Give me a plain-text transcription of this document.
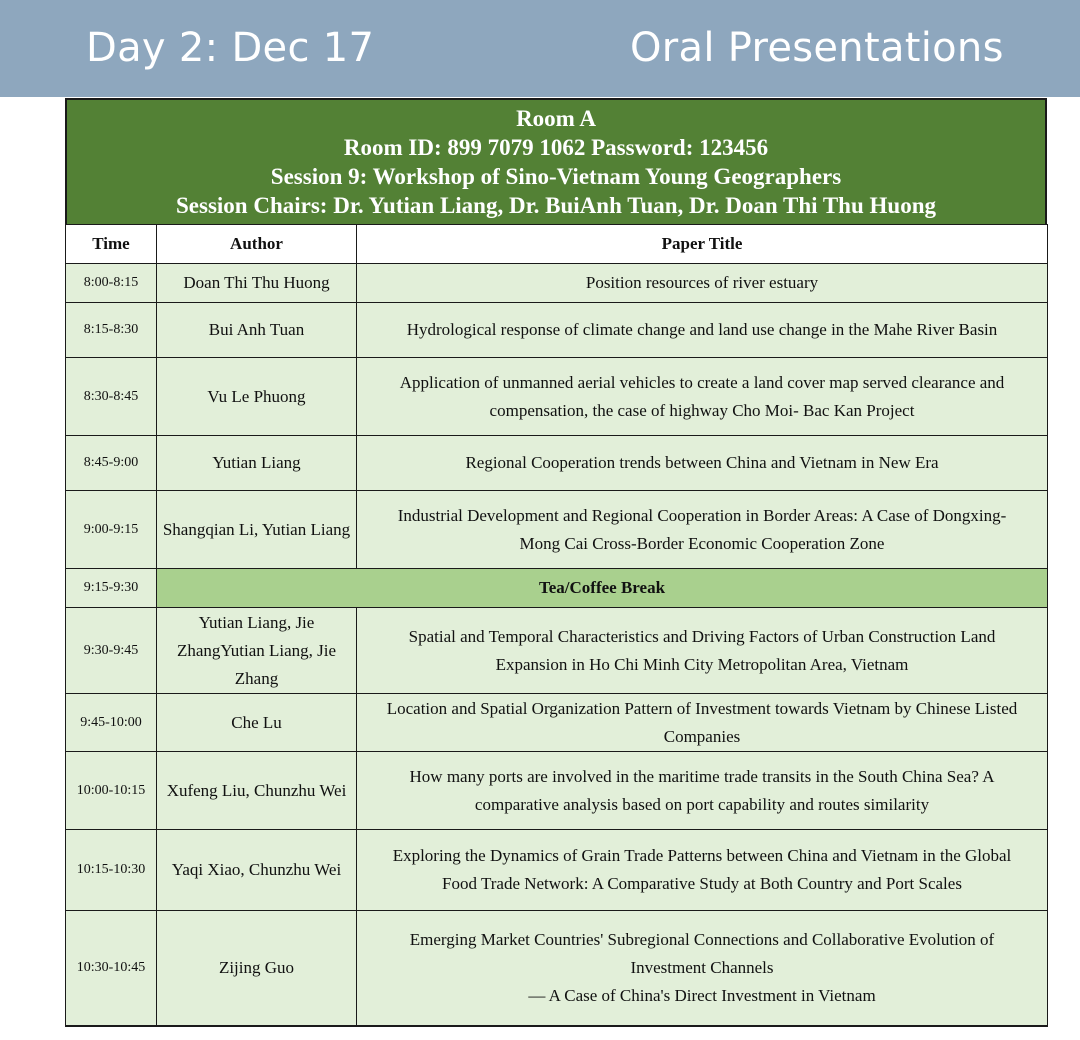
Day 2: Dec 17	Oral Presentations
Room A
Room ID: 899 7079 1062 Password: 123456
Session 9: Workshop of Sino-Vietnam Young Geographers
Session Chairs: Dr. Yutian Liang, Dr. BuiAnh Tuan, Dr. Doan Thi Thu Huong
Time	Author	Paper Title
8:00-8:15	Doan Thi Thu Huong	Position resources of river estuary

8:15-8:30	Bui Anh Tuan	Hydrological response of climate change and land use change in the Mahe River Basin

8:30-8:45	Vu Le Phuong	Application of unmanned aerial vehicles to create a land cover map served clearance and
compensation, the case of highway Cho Moi- Bac Kan Project

8:45-9:00	Yutian Liang	Regional Cooperation trends between China and Vietnam in New Era

9:00-9:15	Shangqian Li, Yutian Liang	Industrial Development and Regional Cooperation in Border Areas: A Case of Dongxing-
Mong Cai Cross-Border Economic Cooperation Zone

9:15-9:30	Tea/Coffee Break	
9:30-9:45	Yutian Liang, Jie ZhangYutian Liang, Jie Zhang	Spatial and Temporal Characteristics and Driving Factors of Urban Construction Land
Expansion in Ho Chi Minh City Metropolitan Area, Vietnam

9:45-10:00	Che Lu	Location and Spatial Organization Pattern of Investment towards Vietnam by Chinese Listed
Companies

10:00-10:15	Xufeng Liu, Chunzhu Wei	How many ports are involved in the maritime trade transits in the South China Sea? A
comparative analysis based on port capability and routes similarity

10:15-10:30	Yaqi Xiao, Chunzhu Wei	Exploring the Dynamics of Grain Trade Patterns between China and Vietnam in the Global
Food Trade Network: A Comparative Study at Both Country and Port Scales

10:30-10:45	Zijing Guo	Emerging Market Countries' Subregional Connections and Collaborative Evolution of
Investment Channels
— A Case of China's Direct Investment in Vietnam
